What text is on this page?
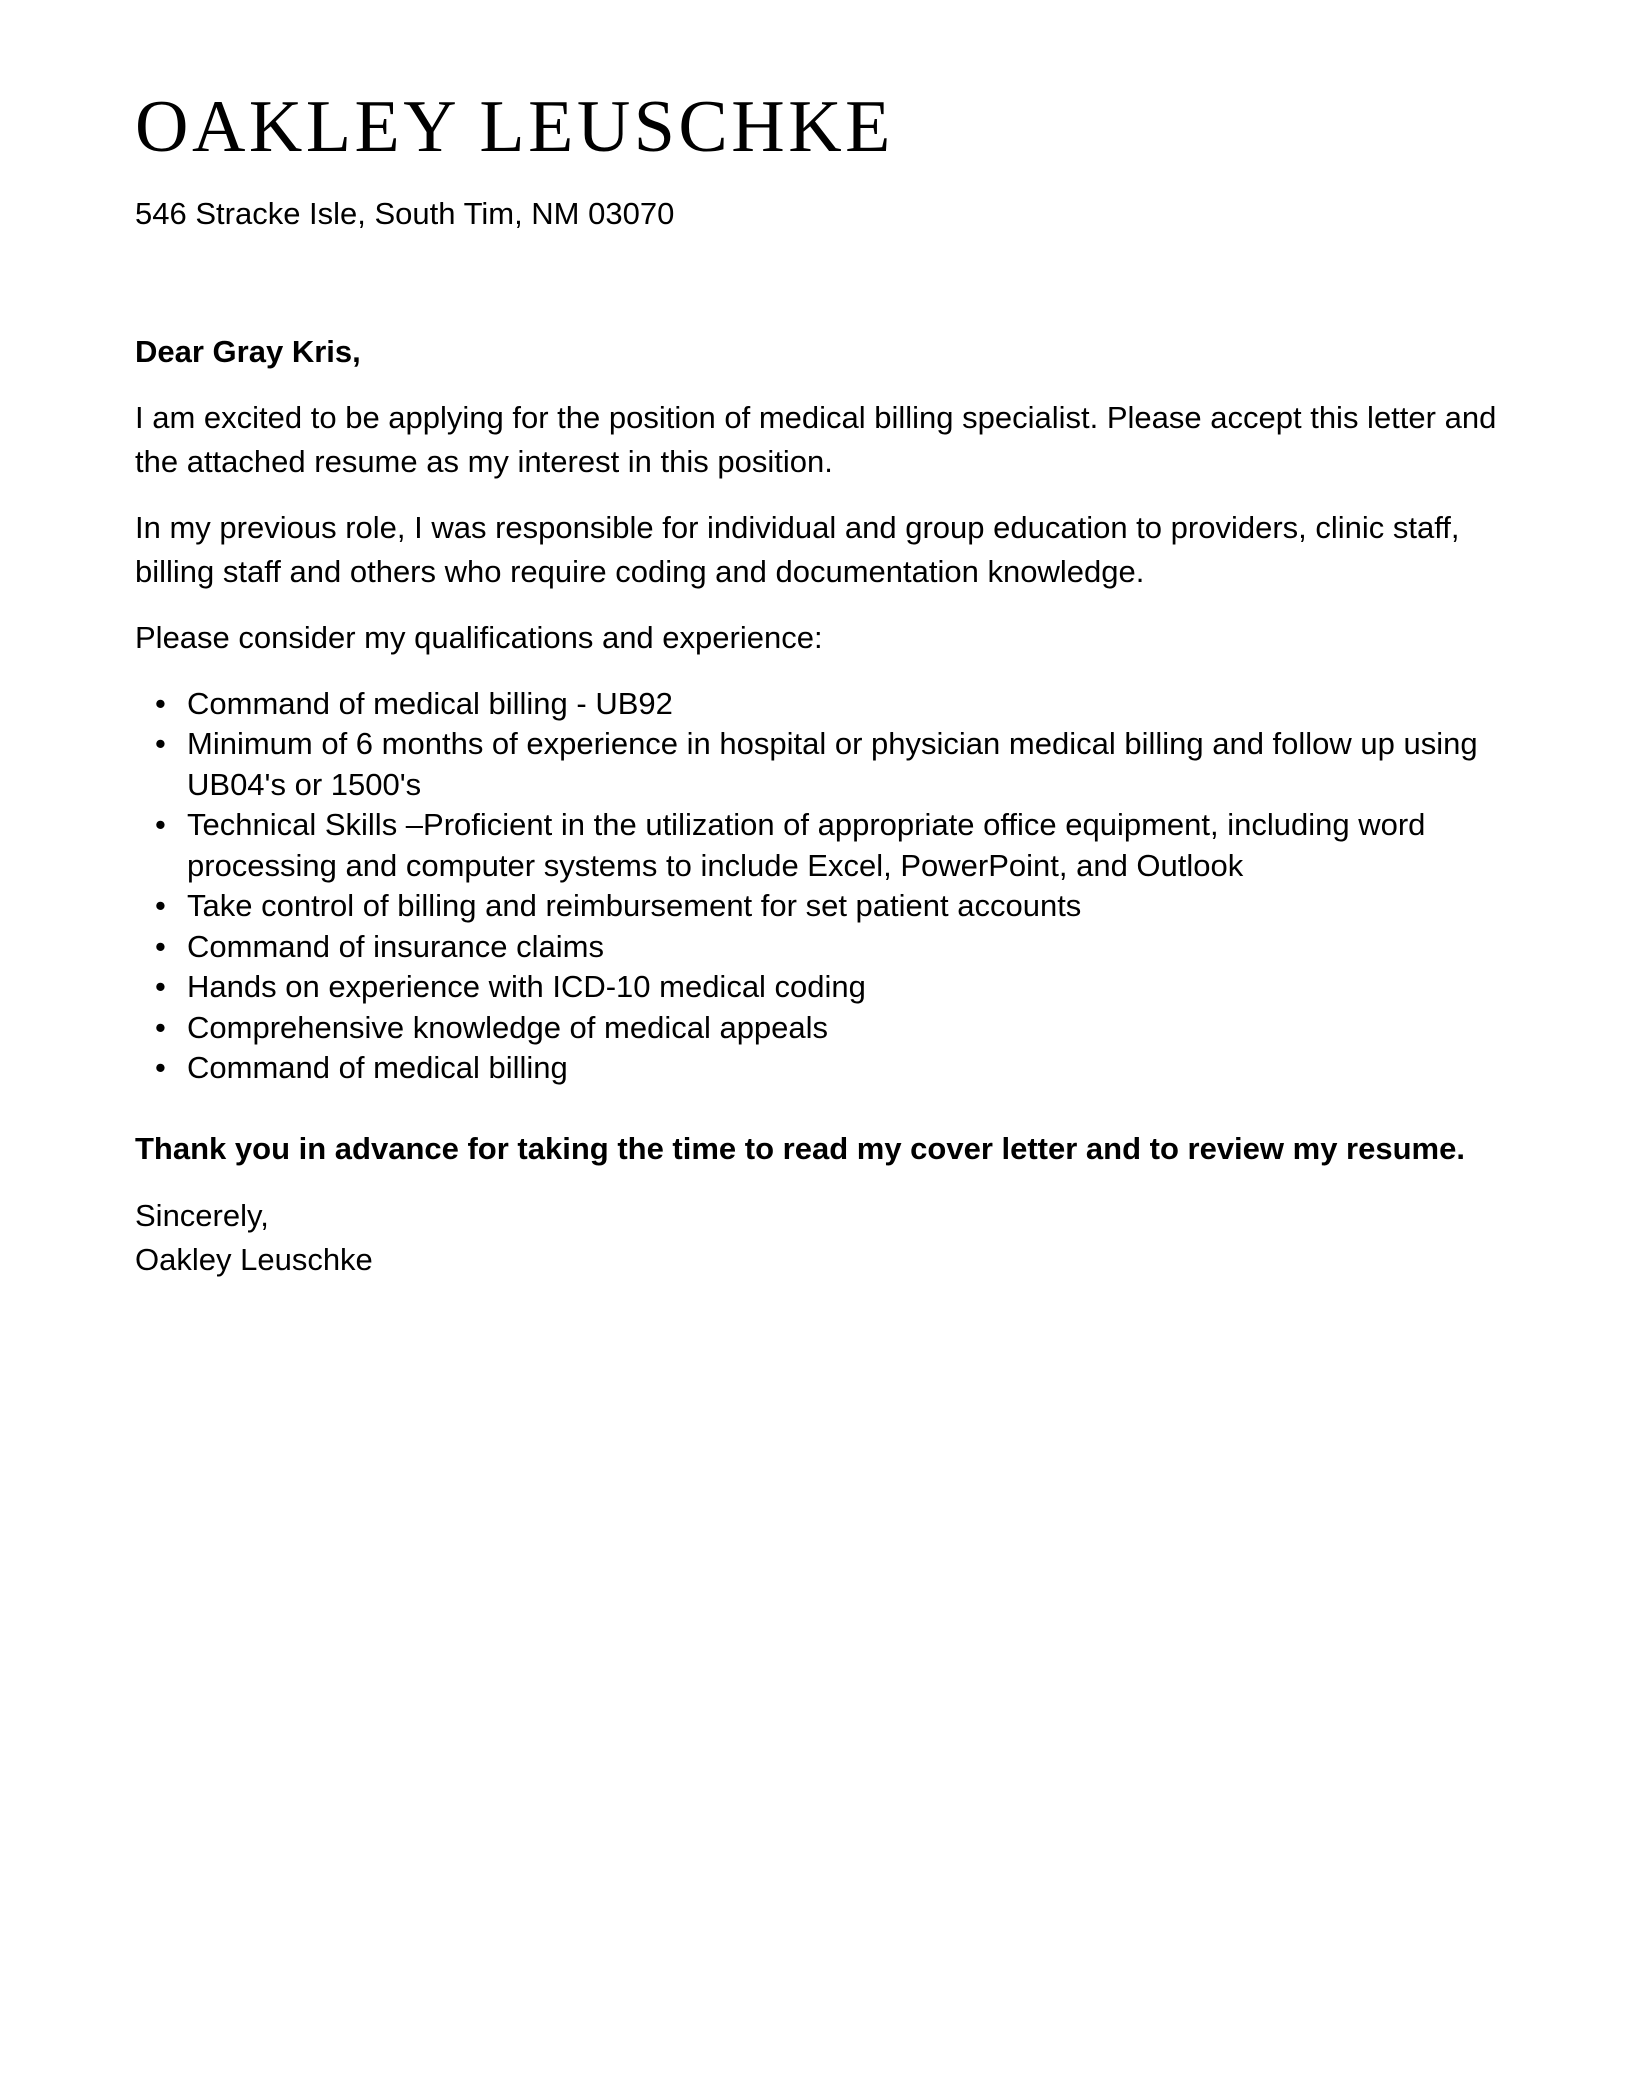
OAKLEY LEUSCHKE
546 Stracke Isle, South Tim, NM 03070

Dear Gray Kris,

I am excited to be applying for the position of medical billing specialist. Please accept this letter and the attached resume as my interest in this position.

In my previous role, I was responsible for individual and group education to providers, clinic staff, billing staff and others who require coding and documentation knowledge.

Please consider my qualifications and experience:

• Command of medical billing - UB92
• Minimum of 6 months of experience in hospital or physician medical billing and follow up using UB04's or 1500's
• Technical Skills –Proficient in the utilization of appropriate office equipment, including word processing and computer systems to include Excel, PowerPoint, and Outlook
• Take control of billing and reimbursement for set patient accounts
• Command of insurance claims
• Hands on experience with ICD-10 medical coding
• Comprehensive knowledge of medical appeals
• Command of medical billing

Thank you in advance for taking the time to read my cover letter and to review my resume.

Sincerely,

Oakley Leuschke
